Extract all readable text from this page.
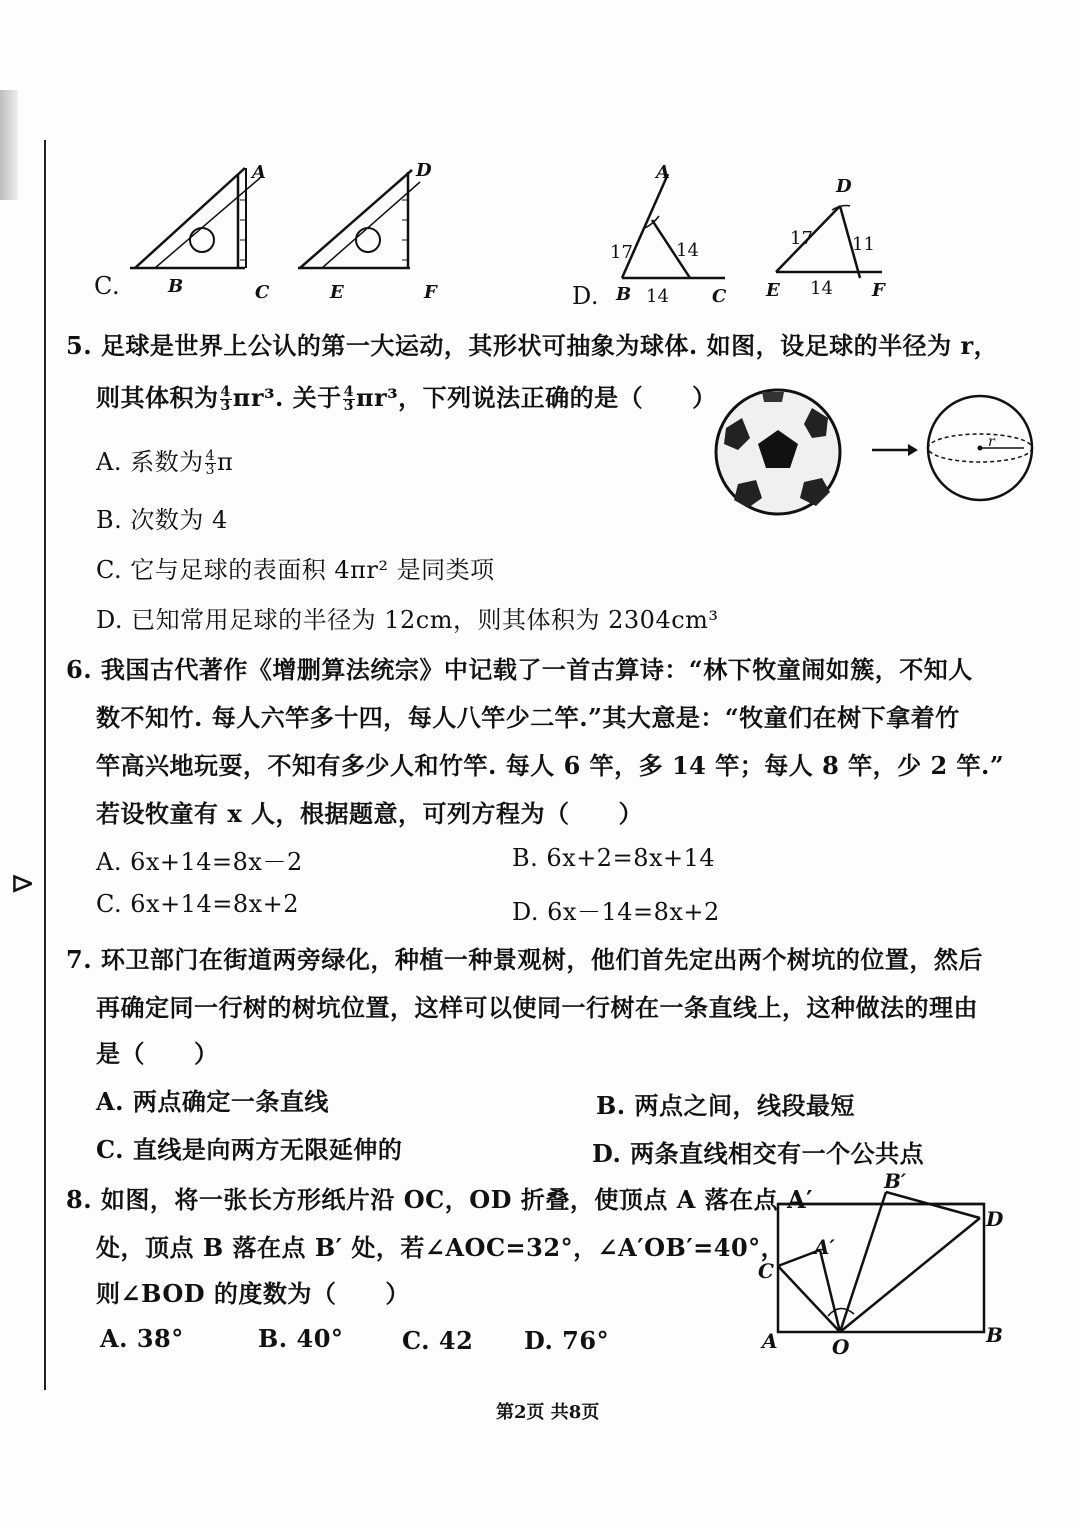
⊳
C.
A
B	C
D
E	F	D.
A
B	C
17 14
14
D
E	F
17 11
14
5. 足球是世界上公认的第一大运动，其形状可抽象为球体. 如图，设足球的半径为 r，
则其体积为 $\frac{4}{3} \pi r^3$. 关于 $\frac{4}{3} \pi r^3$，下列说法正确的是（　　）
A. 系数为 $\frac{4}{3}$ π
B. 次数为 4
C. 它与足球的表面积 4πr² 是同类项
D. 已知常用足球的半径为 12cm，则其体积为 2304cm³
r
6. 我国古代著作《增删算法统宗》中记载了一首古算诗：“林下牧童闹如簇，不知人
数不知竹. 每人六竿多十四，每人八竿少二竿.”其大意是：“牧童们在树下拿着竹
竿高兴地玩耍，不知有多少人和竹竿. 每人 6 竿，多 14 竿；每人 8 竿，少 2 竿.”
若设牧童有 x 人，根据题意，可列方程为（　　）
A. 6x+14=8x－2	B. 6x+2=8x+14
C. 6x+14=8x+2	D. 6x－14=8x+2
7. 环卫部门在街道两旁绿化，种植一种景观树，他们首先定出两个树坑的位置，然后
再确定同一行树的树坑位置，这样可以使同一行树在一条直线上，这种做法的理由
是（　　）
A. 两点确定一条直线	B. 两点之间，线段最短
C. 直线是向两方无限延伸的	D. 两条直线相交有一个公共点
8. 如图，将一张长方形纸片沿 OC，OD 折叠，使顶点 A 落在点 A′
处，顶点 B 落在点 B′ 处，若∠AOC=32°，∠A′OB′=40°，
则∠BOD 的度数为（　　）
A. 38°	B. 40° C. 42 D. 76°
B′
D
A′
C
A	O	B
第2页 共8页
